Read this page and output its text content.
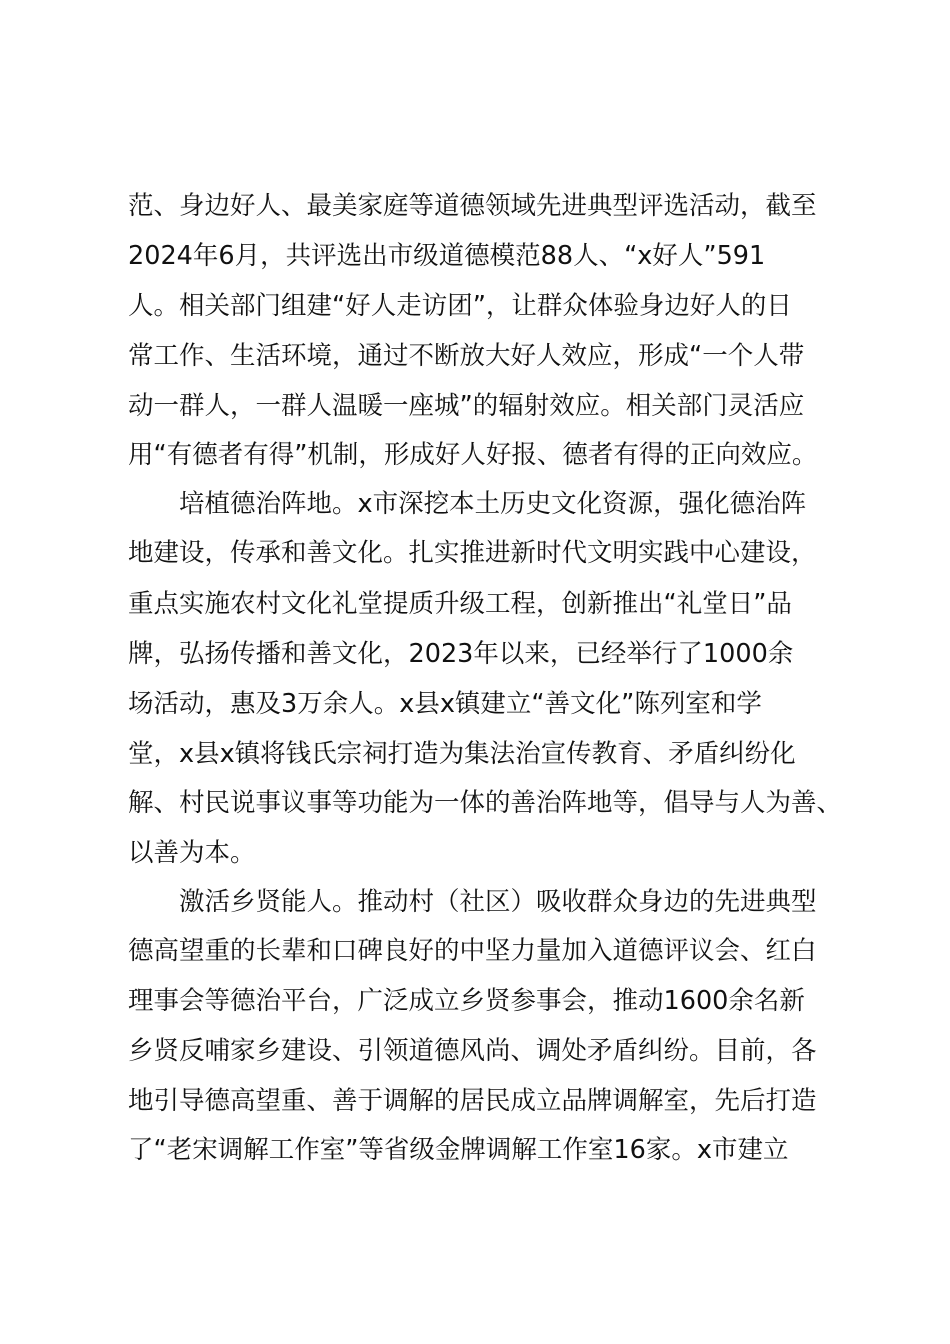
范、身边好人、最美家庭等道德领域先进典型评选活动，截至
2024年6月，共评选出市级道德模范88人、“x好人”591
人。相关部门组建“好人走访团”，让群众体验身边好人的日
常工作、生活环境，通过不断放大好人效应，形成“一个人带
动一群人，一群人温暖一座城”的辐射效应。相关部门灵活应
用“有德者有得”机制，形成好人好报、德者有得的正向效应。
培植德治阵地。x市深挖本土历史文化资源，强化德治阵
地建设，传承和善文化。扎实推进新时代文明实践中心建设，
重点实施农村文化礼堂提质升级工程，创新推出“礼堂日”品
牌，弘扬传播和善文化，2023年以来，已经举行了1000余
场活动，惠及3万余人。x县x镇建立“善文化”陈列室和学
堂，x县x镇将钱氏宗祠打造为集法治宣传教育、矛盾纠纷化
解、村民说事议事等功能为一体的善治阵地等，倡导与人为善、
以善为本。
激活乡贤能人。推动村（社区）吸收群众身边的先进典型
德高望重的长辈和口碑良好的中坚力量加入道德评议会、红白
理事会等德治平台，广泛成立乡贤参事会，推动1600余名新
乡贤反哺家乡建设、引领道德风尚、调处矛盾纠纷。目前，各
地引导德高望重、善于调解的居民成立品牌调解室，先后打造
了“老宋调解工作室”等省级金牌调解工作室16家。x市建立
